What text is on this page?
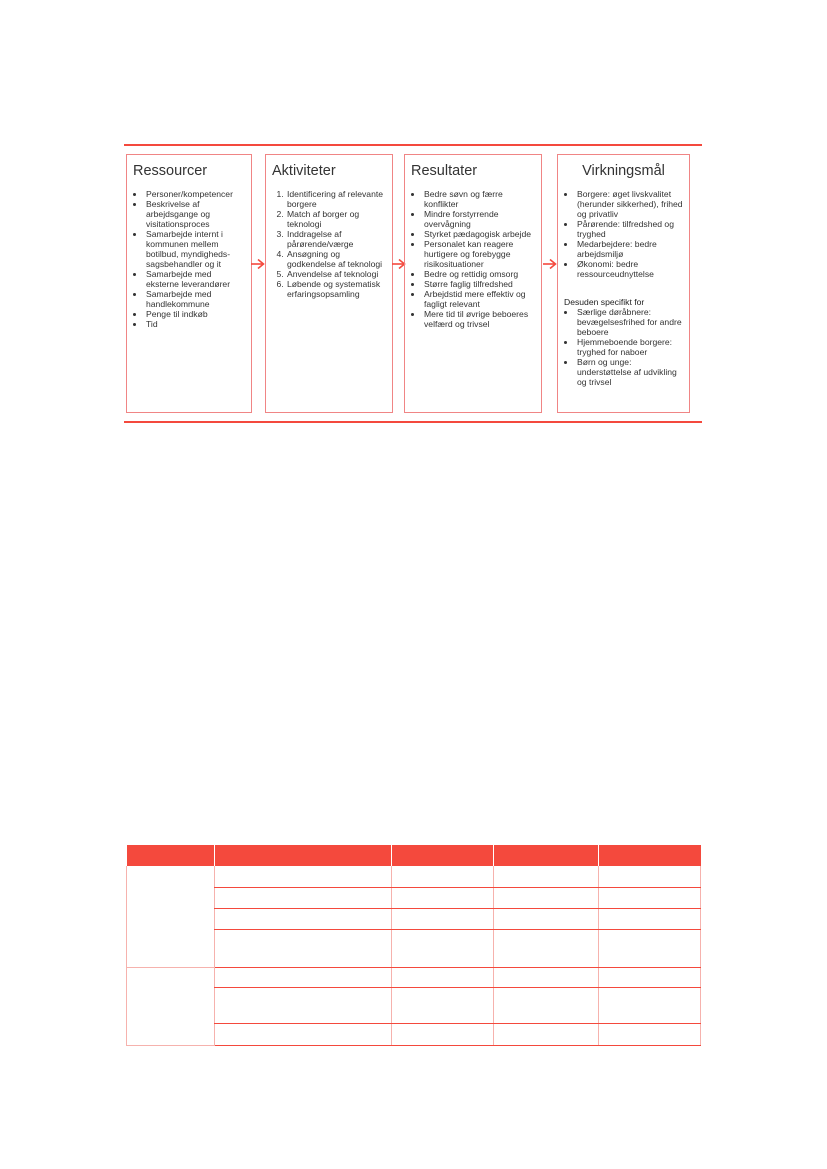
Ressourcer
• Personer/kompetencer
• Beskrivelse af arbejdsgange og visitationsproces
• Samarbejde internt i kommunen mellem botilbud, myndigheds-sagsbehandler og it
• Samarbejde med eksterne leverandører
• Samarbejde med handlekommune
• Penge til indkøb
• Tid
Aktiviteter
1. Identificering af relevante borgere
2. Match af borger og teknologi
3. Inddragelse af pårørende/værge
4. Ansøgning og godkendelse af teknologi
5. Anvendelse af teknologi
6. Løbende og systematisk erfaringsopsamling
Resultater
• Bedre søvn og færre konflikter
• Mindre forstyrrende overvågning
• Styrket pædagogisk arbejde
• Personalet kan reagere hurtigere og forebygge risikosituationer
• Bedre og rettidig omsorg
• Større faglig tilfredshed
• Arbejdstid mere effektiv og fagligt relevant
• Mere tid til øvrige beboeres velfærd og trivsel
Virkningsmål
• Borgere: øget livskvalitet (herunder sikkerhed), frihed og privatliv
• Pårørende: tilfredshed og tryghed
• Medarbejdere: bedre arbejdsmiljø
• Økonomi: bedre ressourceudnyttelse
Desuden specifikt for
• Særlige døråbnere: bevægelsesfrihed for andre beboere
• Hjemmeboende borgere: tryghed for naboer
• Børn og unge: understøttelse af udvikling og trivsel
